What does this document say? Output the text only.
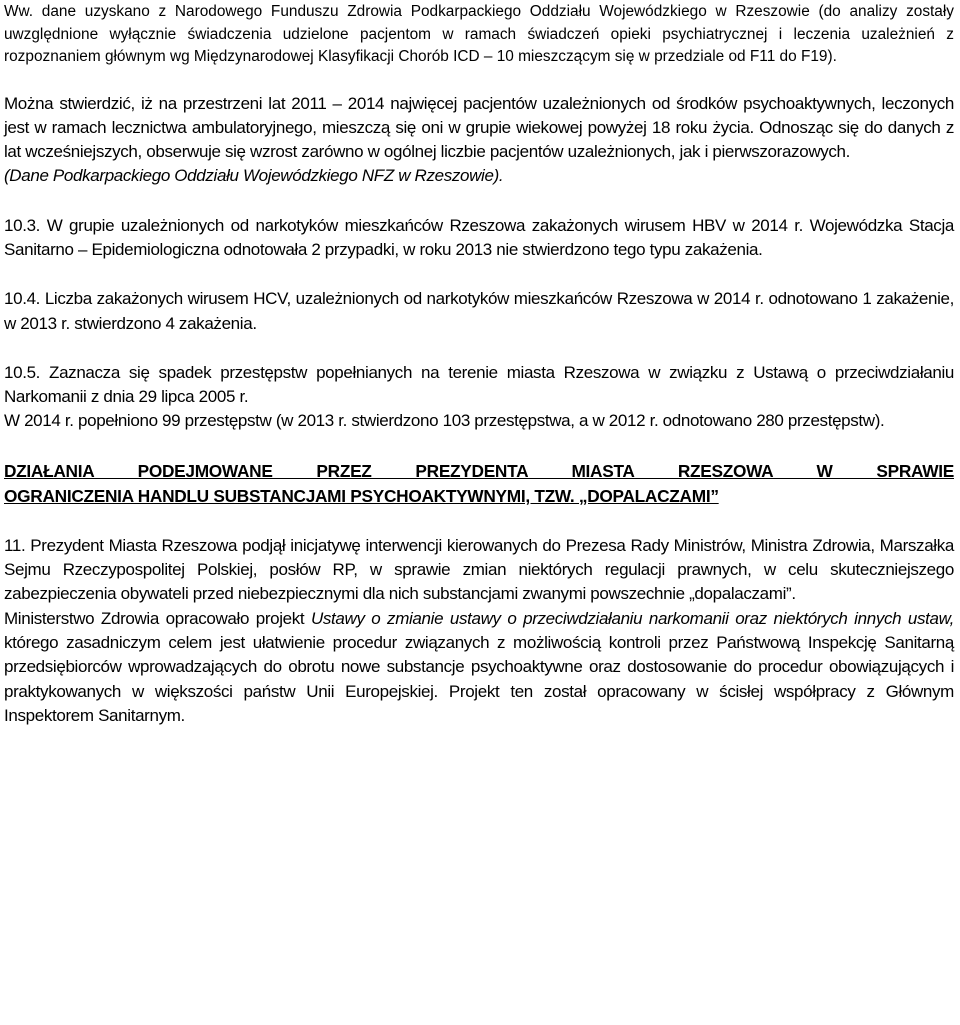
Ww. dane uzyskano z Narodowego Funduszu Zdrowia Podkarpackiego Oddziału Wojewódzkiego w Rzeszowie (do analizy zostały uwzględnione wyłącznie świadczenia udzielone pacjentom w ramach świadczeń opieki psychiatrycznej i leczenia uzależnień z rozpoznaniem głównym wg Międzynarodowej Klasyfikacji Chorób ICD – 10 mieszczącym się w przedziale od F11 do F19).

Można stwierdzić, iż na przestrzeni lat 2011 – 2014 najwięcej pacjentów uzależnionych od środków psychoaktywnych, leczonych jest w ramach lecznictwa ambulatoryjnego, mieszczą się oni w grupie wiekowej powyżej 18 roku życia. Odnosząc się do danych z lat wcześniejszych, obserwuje się wzrost zarówno w ogólnej liczbie pacjentów uzależnionych, jak i pierwszorazowych.

(Dane Podkarpackiego Oddziału Wojewódzkiego NFZ w Rzeszowie).

10.3. W grupie uzależnionych od narkotyków mieszkańców Rzeszowa zakażonych wirusem HBV w 2014 r. Wojewódzka Stacja Sanitarno – Epidemiologiczna odnotowała 2 przypadki, w roku 2013 nie stwierdzono tego typu zakażenia.

10.4. Liczba zakażonych wirusem HCV, uzależnionych od narkotyków mieszkańców Rzeszowa w 2014 r. odnotowano 1 zakażenie, w 2013 r. stwierdzono 4 zakażenia.

10.5. Zaznacza się spadek przestępstw popełnianych na terenie miasta Rzeszowa w związku z Ustawą o przeciwdziałaniu Narkomanii z dnia 29 lipca 2005 r.

W 2014 r. popełniono 99 przestępstw (w 2013 r. stwierdzono 103 przestępstwa, a w 2012 r. odnotowano 280 przestępstw).

DZIAŁANIA PODEJMOWANE PRZEZ PREZYDENTA MIASTA RZESZOWA W SPRAWIE
OGRANICZENIA HANDLU SUBSTANCJAMI PSYCHOAKTYWNYMI, TZW. „DOPALACZAMI”

11. Prezydent Miasta Rzeszowa podjął inicjatywę interwencji kierowanych do Prezesa Rady Ministrów, Ministra Zdrowia, Marszałka Sejmu Rzeczypospolitej Polskiej, posłów RP, w sprawie zmian niektórych regulacji prawnych, w celu skuteczniejszego zabezpieczenia obywateli przed niebezpiecznymi dla nich substancjami zwanymi powszechnie „dopalaczami”.

Ministerstwo Zdrowia opracowało projekt Ustawy o zmianie ustawy o przeciwdziałaniu narkomanii oraz niektórych innych ustaw, którego zasadniczym celem jest ułatwienie procedur związanych z możliwością kontroli przez Państwową Inspekcję Sanitarną przedsiębiorców wprowadzających do obrotu nowe substancje psychoaktywne oraz dostosowanie do procedur obowiązujących i praktykowanych w większości państw Unii Europejskiej. Projekt ten został opracowany w ścisłej współpracy z Głównym Inspektorem Sanitarnym.
